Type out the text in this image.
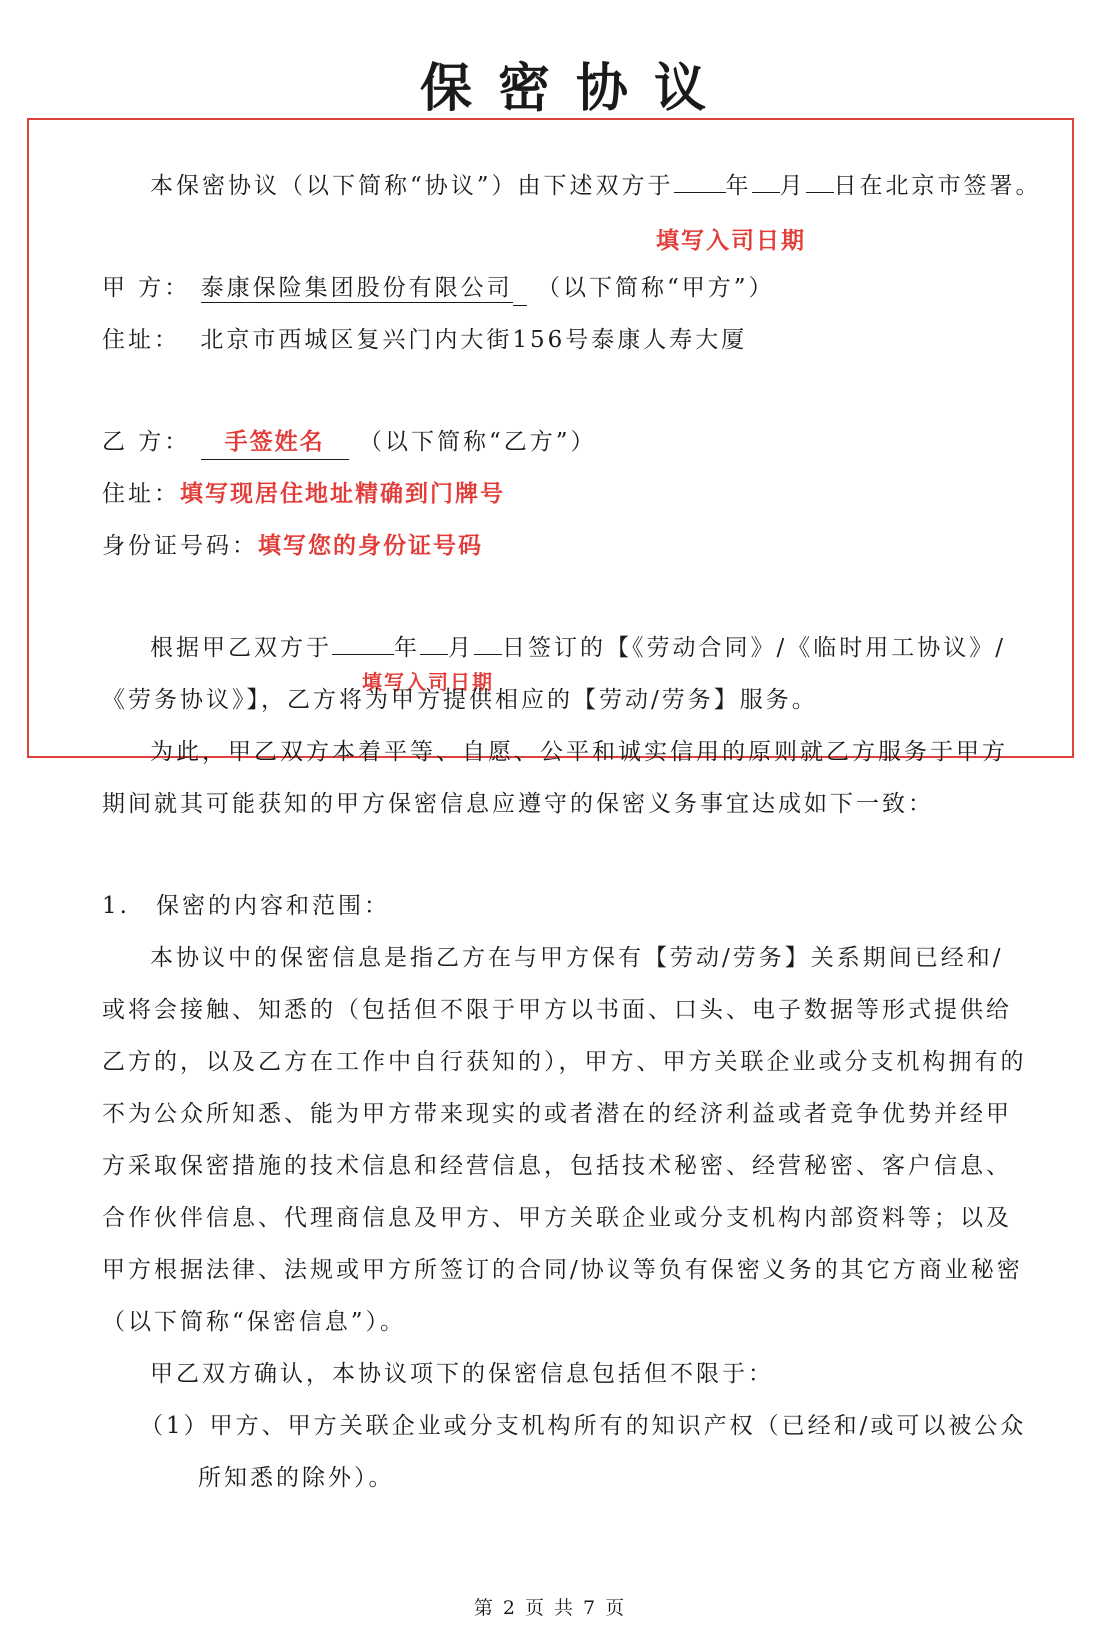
保密协议
本保密协议（以下简称“协议”）由下述双方于 年 月 日在北京市签署。
填写入司日期
甲 方： 泰康保险集团股份有限公司 （以下简称“甲方”）
住址： 北京市西城区复兴门内大街156号泰康人寿大厦
乙 方： 手签姓名 （以下简称“乙方”）
住址：填写现居住地址精确到门牌号
身份证号码：填写您的身份证号码
根据甲乙双方于	年 月 日签订的【《劳动合同》/《临时用工协议》/
填写入司日期
《劳务协议》】，乙方将为甲方提供相应的【劳动/劳务】服务。
为此，甲乙双方本着平等、自愿、公平和诚实信用的原则就乙方服务于甲方
期间就其可能获知的甲方保密信息应遵守的保密义务事宜达成如下一致：
1. 保密的内容和范围：
本协议中的保密信息是指乙方在与甲方保有【劳动/劳务】关系期间已经和/
或将会接触、知悉的（包括但不限于甲方以书面、口头、电子数据等形式提供给
乙方的，以及乙方在工作中自行获知的），甲方、甲方关联企业或分支机构拥有的
不为公众所知悉、能为甲方带来现实的或者潜在的经济利益或者竞争优势并经甲
方采取保密措施的技术信息和经营信息，包括技术秘密、经营秘密、客户信息、
合作伙伴信息、代理商信息及甲方、甲方关联企业或分支机构内部资料等；以及
甲方根据法律、法规或甲方所签订的合同/协议等负有保密义务的其它方商业秘密
（以下简称“保密信息”）。
甲乙双方确认，本协议项下的保密信息包括但不限于：
（1）甲方、甲方关联企业或分支机构所有的知识产权（已经和/或可以被公众
所知悉的除外）。
第 2 页 共 7 页
